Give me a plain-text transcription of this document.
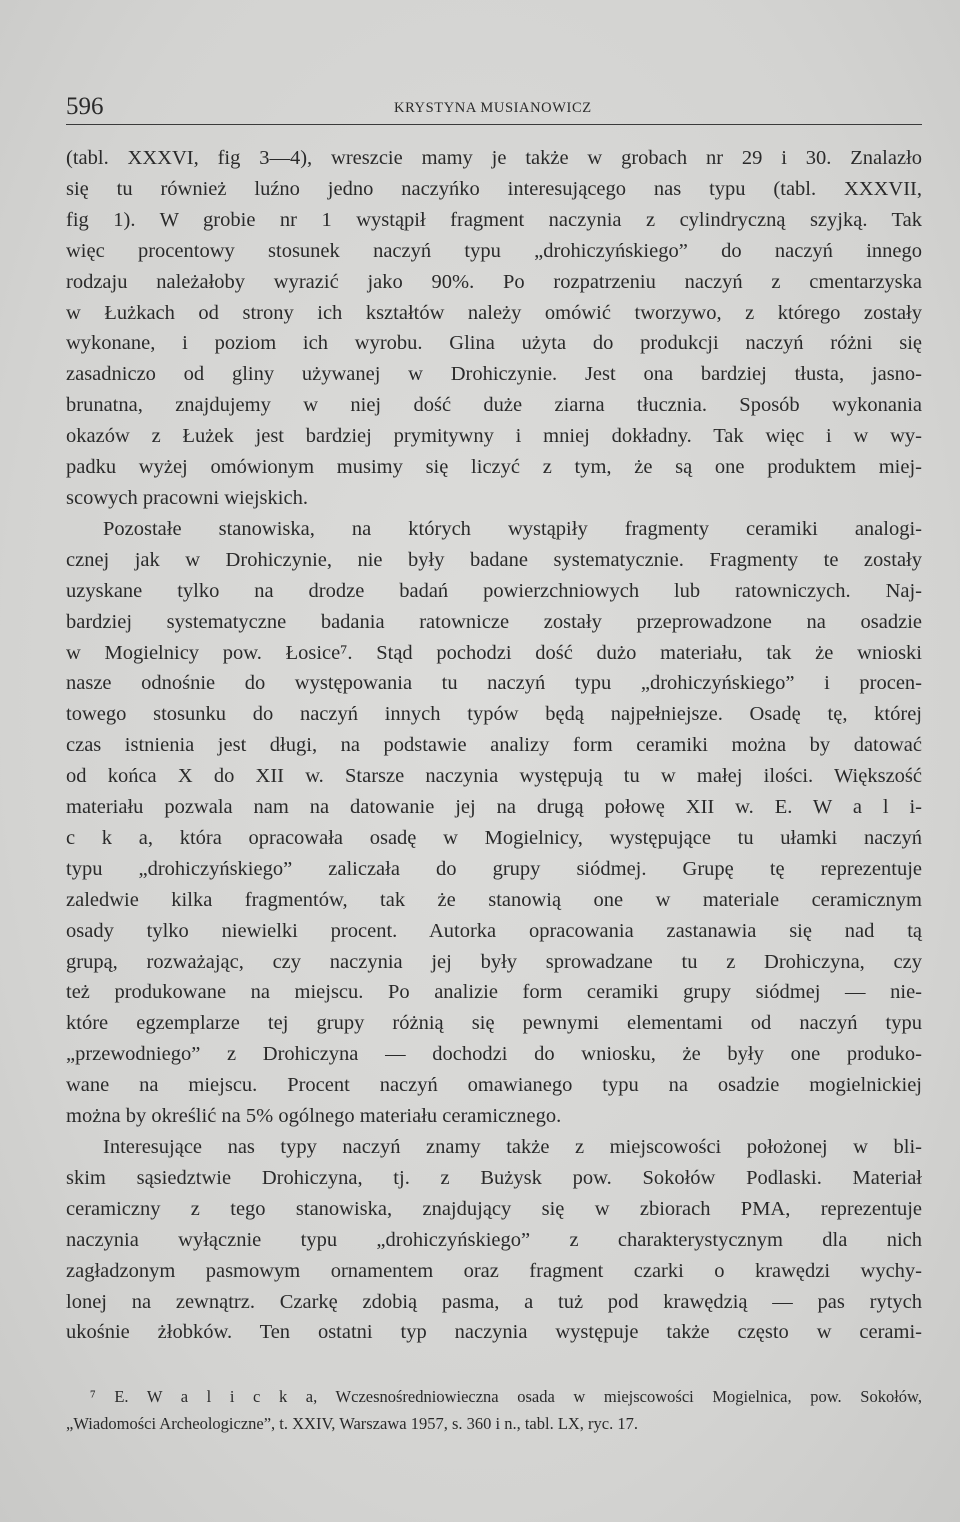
596	KRYSTYNA MUSIANOWICZ
(tabl. XXXVI, fig 3—4), wreszcie mamy je także w grobach nr 29 i 30. Znalazło
się tu również luźno jedno naczyńko interesującego nas typu (tabl. XXXVII,
fig 1). W grobie nr 1 wystąpił fragment naczynia z cylindryczną szyjką. Tak
więc procentowy stosunek naczyń typu „drohiczyńskiego” do naczyń innego
rodzaju należałoby wyrazić jako 90%. Po rozpatrzeniu naczyń z cmentarzyska
w Łużkach od strony ich kształtów należy omówić tworzywo, z którego zostały
wykonane, i poziom ich wyrobu. Glina użyta do produkcji naczyń różni się
zasadniczo od gliny używanej w Drohiczynie. Jest ona bardziej tłusta, jasno-
brunatna, znajdujemy w niej dość duże ziarna tłucznia. Sposób wykonania
okazów z Łużek jest bardziej prymitywny i mniej dokładny. Tak więc i w wy-
padku wyżej omówionym musimy się liczyć z tym, że są one produktem miej-
scowych pracowni wiejskich.
Pozostałe stanowiska, na których wystąpiły fragmenty ceramiki analogi-
cznej jak w Drohiczynie, nie były badane systematycznie. Fragmenty te zostały
uzyskane tylko na drodze badań powierzchniowych lub ratowniczych. Naj-
bardziej systematyczne badania ratownicze zostały przeprowadzone na osadzie
w Mogielnicy pow. Łosice⁷. Stąd pochodzi dość dużo materiału, tak że wnioski
nasze odnośnie do występowania tu naczyń typu „drohiczyńskiego” i procen-
towego stosunku do naczyń innych typów będą najpełniejsze. Osadę tę, której
czas istnienia jest długi, na podstawie analizy form ceramiki można by datować
od końca X do XII w. Starsze naczynia występują tu w małej ilości. Większość
materiału pozwala nam na datowanie jej na drugą połowę XII w. E. W a l i-
c k a, która opracowała osadę w Mogielnicy, występujące tu ułamki naczyń
typu „drohiczyńskiego” zaliczała do grupy siódmej. Grupę tę reprezentuje
zaledwie kilka fragmentów, tak że stanowią one w materiale ceramicznym
osady tylko niewielki procent. Autorka opracowania zastanawia się nad tą
grupą, rozważając, czy naczynia jej były sprowadzane tu z Drohiczyna, czy
też produkowane na miejscu. Po analizie form ceramiki grupy siódmej — nie-
które egzemplarze tej grupy różnią się pewnymi elementami od naczyń typu
„przewodniego” z Drohiczyna — dochodzi do wniosku, że były one produko-
wane na miejscu. Procent naczyń omawianego typu na osadzie mogielnickiej
można by określić na 5% ogólnego materiału ceramicznego.
Interesujące nas typy naczyń znamy także z miejscowości położonej w bli-
skim sąsiedztwie Drohiczyna, tj. z Bużysk pow. Sokołów Podlaski. Materiał
ceramiczny z tego stanowiska, znajdujący się w zbiorach PMA, reprezentuje
naczynia wyłącznie typu „drohiczyńskiego” z charakterystycznym dla nich
zagładzonym pasmowym ornamentem oraz fragment czarki o krawędzi wychy-
lonej na zewnątrz. Czarkę zdobią pasma, a tuż pod krawędzią — pas rytych
ukośnie żłobków. Ten ostatni typ naczynia występuje także często w cerami-
⁷ E. W a l i c k a, Wczesnośredniowieczna osada w miejscowości Mogielnica, pow. Sokołów,
„Wiadomości Archeologiczne”, t. XXIV, Warszawa 1957, s. 360 i n., tabl. LX, ryc. 17.
